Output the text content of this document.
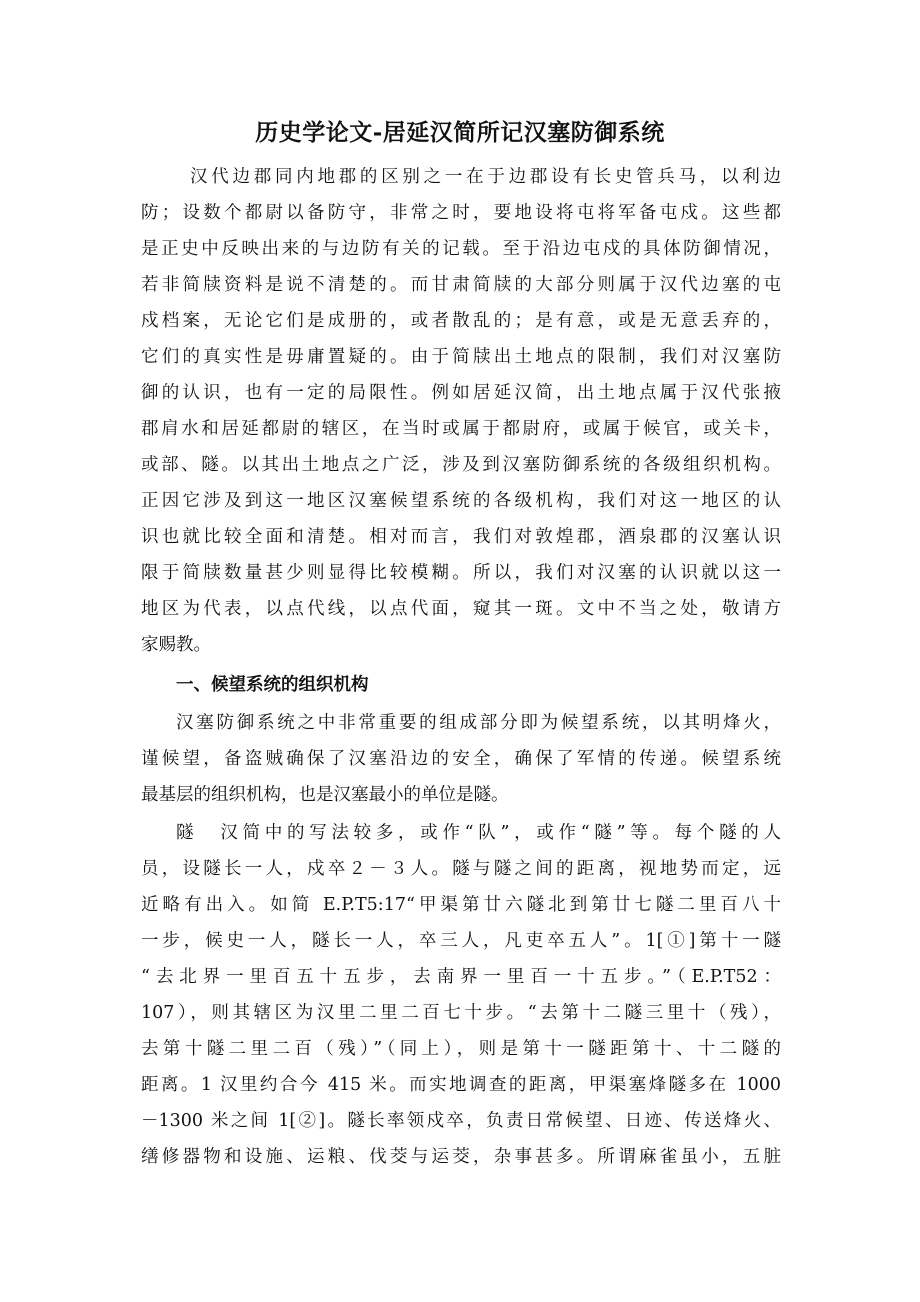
历史学论文-居延汉简所记汉塞防御系统
汉代边郡同内地郡的区别之一在于边郡设有长史管兵马，以利边
防；设数个都尉以备防守，非常之时，要地设将屯将军备屯戍。这些都
是正史中反映出来的与边防有关的记载。至于沿边屯戍的具体防御情况，
若非简牍资料是说不清楚的。而甘肃简牍的大部分则属于汉代边塞的屯
戍档案，无论它们是成册的，或者散乱的；是有意，或是无意丢弃的，
它们的真实性是毋庸置疑的。由于简牍出土地点的限制，我们对汉塞防
御的认识，也有一定的局限性。例如居延汉简，出土地点属于汉代张掖
郡肩水和居延都尉的辖区，在当时或属于都尉府，或属于候官，或关卡，
或部、隧。以其出土地点之广泛，涉及到汉塞防御系统的各级组织机构。
正因它涉及到这一地区汉塞候望系统的各级机构，我们对这一地区的认
识也就比较全面和清楚。相对而言，我们对敦煌郡，酒泉郡的汉塞认识
限于简牍数量甚少则显得比较模糊。所以，我们对汉塞的认识就以这一
地区为代表，以点代线，以点代面，窥其一斑。文中不当之处，敬请方
家赐教。
一、候望系统的组织机构
汉塞防御系统之中非常重要的组成部分即为候望系统，以其明烽火，
谨候望，备盗贼确保了汉塞沿边的安全，确保了军情的传递。候望系统
最基层的组织机构，也是汉塞最小的单位是隧。
隧　汉简中的写法较多，或作“队”，或作“隧”等。每个隧的人
员，设隧长一人，戍卒２－３人。隧与隧之间的距离，视地势而定，远
近略有出入。如简 E.P.T5:17“甲渠第廿六隧北到第廿七隧二里百八十
一步，候史一人，隧长一人，卒三人，凡吏卒五人”。1[①]第十一隧
“去北界一里百五十五步，去南界一里百一十五步。”（E.P.T52：
107），则其辖区为汉里二里二百七十步。“去第十二隧三里十（残），
去第十隧二里二百（残）”（同上），则是第十一隧距第十、十二隧的
距离。1 汉里约合今 415 米。而实地调查的距离，甲渠塞烽隧多在 1000
－1300 米之间 1[②]。隧长率领戍卒，负责日常候望、日迹、传送烽火、
缮修器物和设施、运粮、伐茭与运茭，杂事甚多。所谓麻雀虽小，五脏
